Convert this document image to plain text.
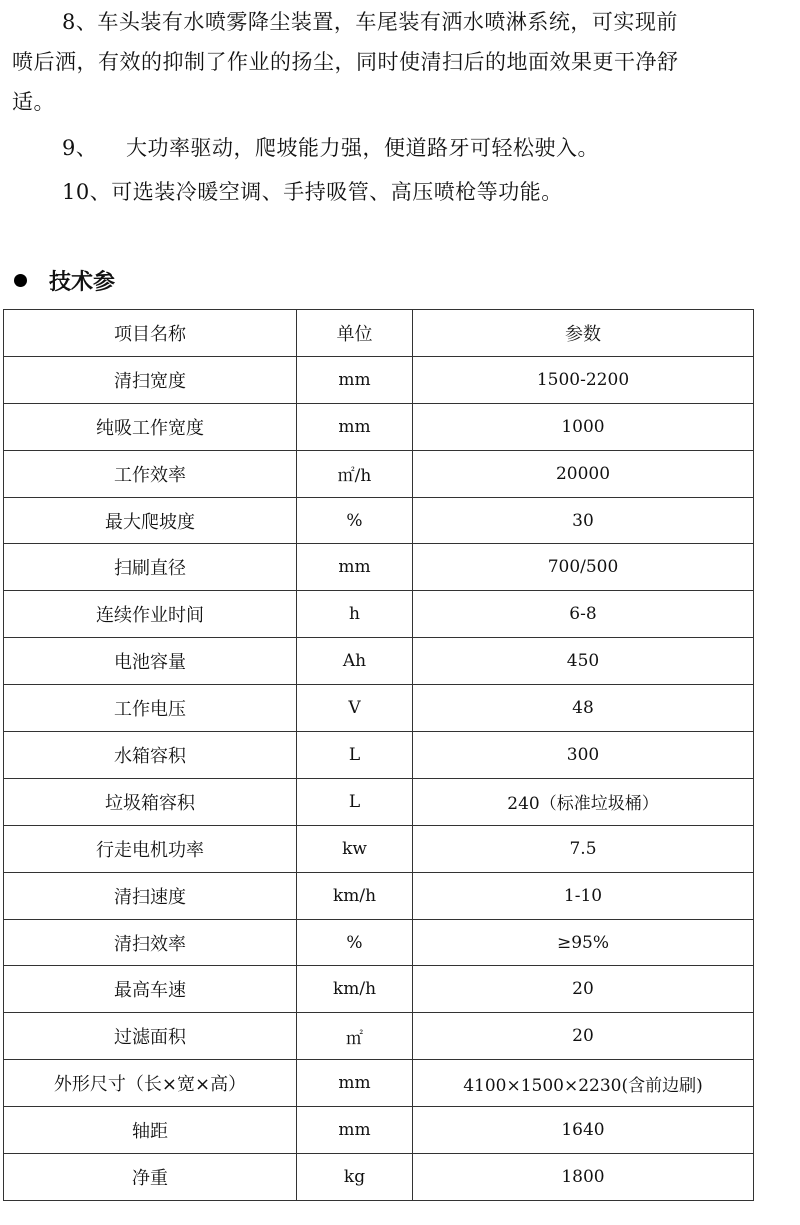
8、车头装有水喷雾降尘装置，车尾装有洒水喷淋系统，可实现前

喷后洒，有效的抑制了作业的扬尘，同时使清扫后的地面效果更干净舒

适。

9、    大功率驱动，爬坡能力强，便道路牙可轻松驶入。

10、可选装冷暖空调、手持吸管、高压喷枪等功能。

技术参
项目名称	单位	参数
清扫宽度	mm	1500-2200
纯吸工作宽度	mm	1000
工作效率	㎡/h	20000
最大爬坡度	%	30
扫刷直径	mm	700/500
连续作业时间	h	6-8
电池容量	Ah	450
工作电压	V	48
水箱容积	L	300
垃圾箱容积	L	240（标准垃圾桶）
行走电机功率	kw	7.5
清扫速度	km/h	1-10
清扫效率	%	≥95%
最高车速	km/h	20
过滤面积	㎡	20
外形尺寸（长×宽×高）	mm	4100×1500×2230(含前边刷)
轴距	mm	1640
净重	kg	1800
